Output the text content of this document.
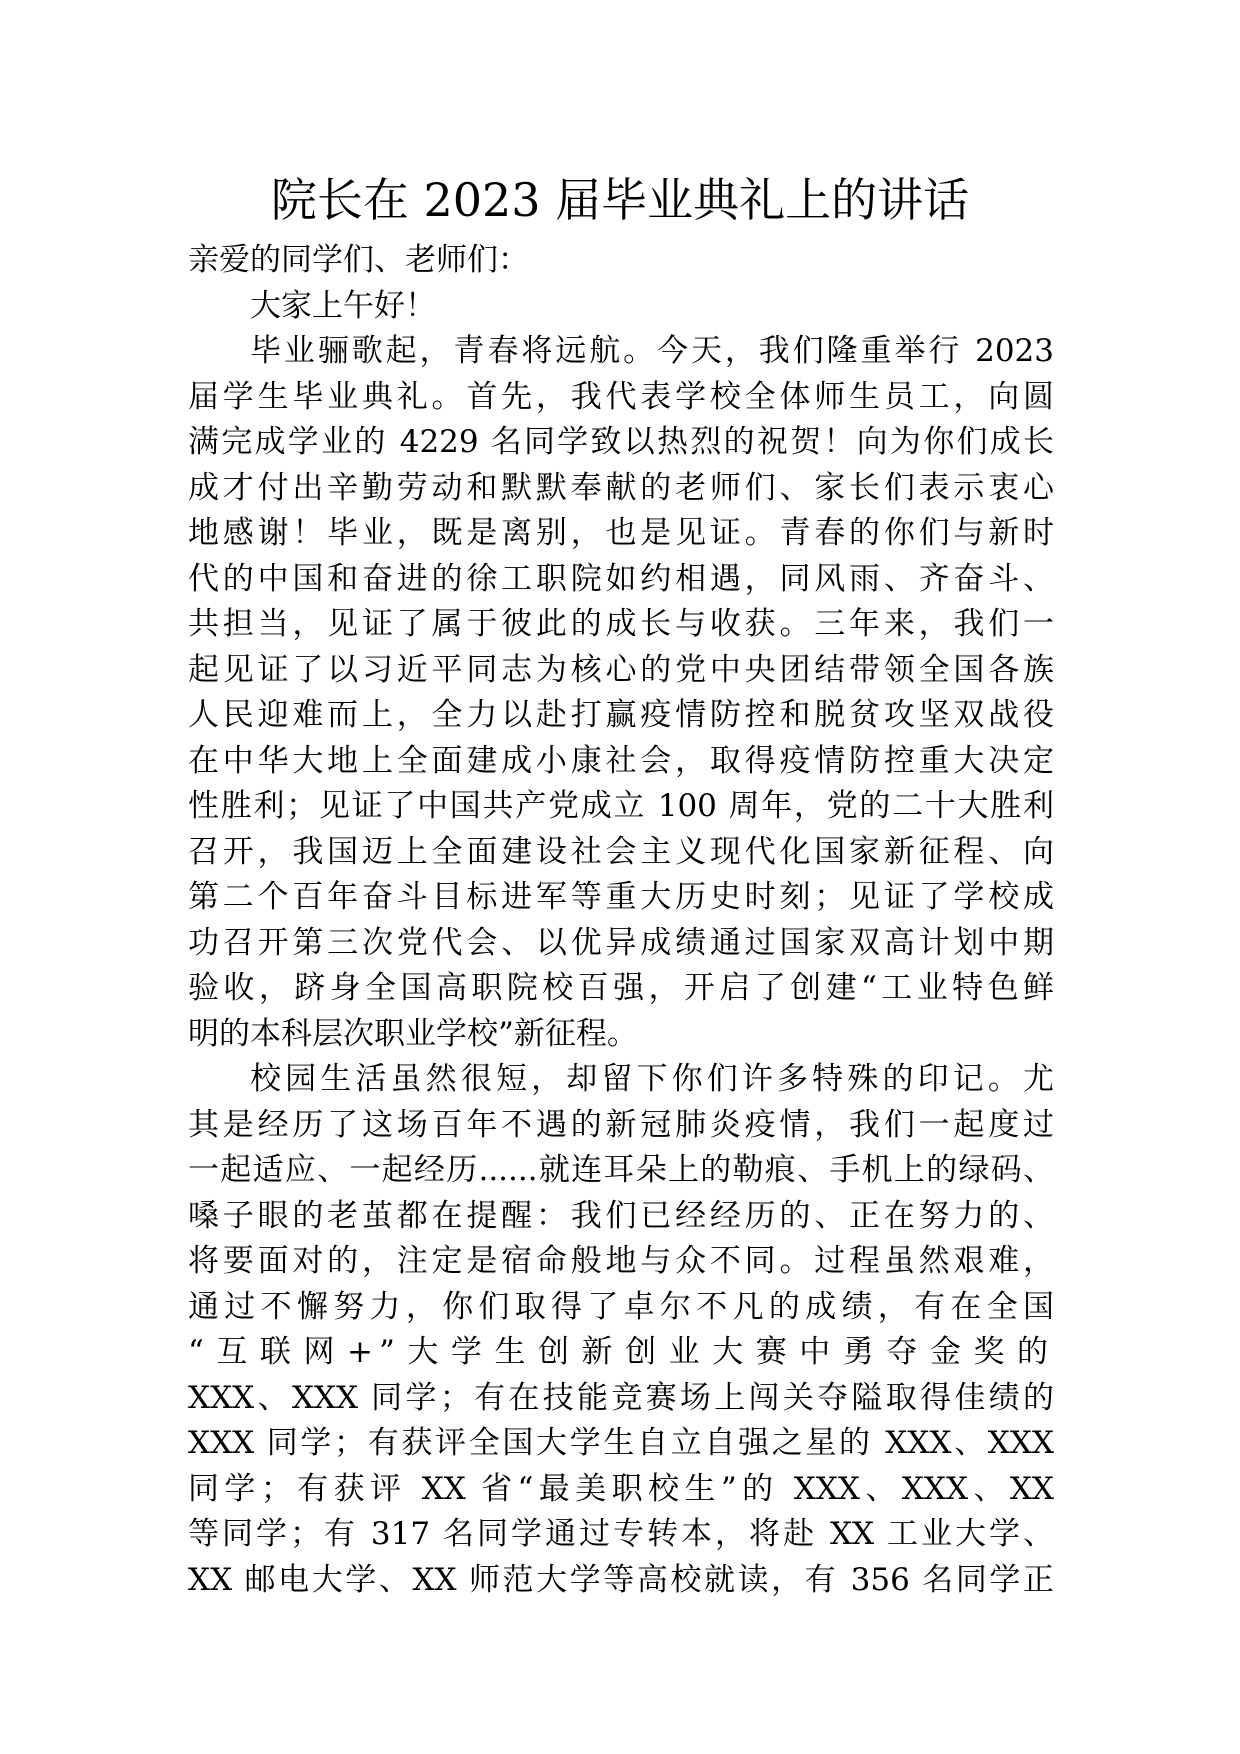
院长在 2023 届毕业典礼上的讲话

亲爱的同学们、老师们：

大家上午好！

毕业骊歌起，青春将远航。今天，我们隆重举行 2023
届学生毕业典礼。首先，我代表学校全体师生员工，向圆
满完成学业的 4229 名同学致以热烈的祝贺！向为你们成长
成才付出辛勤劳动和默默奉献的老师们、家长们表示衷心
地感谢！毕业，既是离别，也是见证。青春的你们与新时
代的中国和奋进的徐工职院如约相遇，同风雨、齐奋斗、
共担当，见证了属于彼此的成长与收获。三年来，我们一
起见证了以习近平同志为核心的党中央团结带领全国各族
人民迎难而上，全力以赴打赢疫情防控和脱贫攻坚双战役
在中华大地上全面建成小康社会，取得疫情防控重大决定
性胜利；见证了中国共产党成立 100 周年，党的二十大胜利
召开，我国迈上全面建设社会主义现代化国家新征程、向
第二个百年奋斗目标进军等重大历史时刻；见证了学校成
功召开第三次党代会、以优异成绩通过国家双高计划中期
验收，跻身全国高职院校百强，开启了创建“工业特色鲜
明的本科层次职业学校”新征程。

校园生活虽然很短，却留下你们许多特殊的印记。尤
其是经历了这场百年不遇的新冠肺炎疫情，我们一起度过
一起适应、一起经历......就连耳朵上的勒痕、手机上的绿码、
嗓子眼的老茧都在提醒：我们已经经历的、正在努力的、
将要面对的，注定是宿命般地与众不同。过程虽然艰难，
通过不懈努力，你们取得了卓尔不凡的成绩，有在全国
“互联网+”大学生创新创业大赛中勇夺金奖的
XXX、XXX 同学；有在技能竞赛场上闯关夺隘取得佳绩的
XXX 同学；有获评全国大学生自立自强之星的 XXX、XXX
同学；有获评 XX 省“最美职校生”的 XXX、XXX、XX
等同学；有 317 名同学通过专转本，将赴 XX 工业大学、
XX 邮电大学、XX 师范大学等高校就读，有 356 名同学正
